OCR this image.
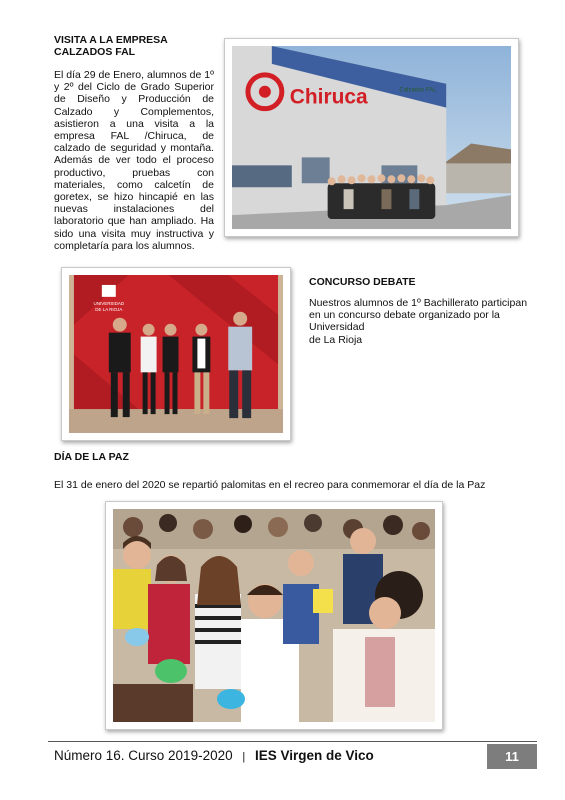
VISITA A LA EMPRESA
CALZADOS FAL

El día 29 de Enero, alumnos de 1º y 2º del Ciclo de Grado Superior de Diseño y Producción de Calzado y Complementos, asistieron a una visita a la empresa FAL /Chiruca, de calzado de seguridad y montaña. Además de ver todo el proceso productivo, pruebas con materiales, como calcetín de goretex, se hizo hincapié en las nuevas instalaciones del laboratorio que han ampliado. Ha sido una visita muy instructiva y completaría para los alumnos.

Chiruca	Calzados FAL
UNIVERSIDAD
DE LA RIOJA
CONCURSO DEBATE
Nuestros alumnos de 1º Bachillerato participan
en un concurso debate organizado por la
Universidad
de La Rioja
DÍA DE LA PAZ

El 31 de enero del 2020 se repartió palomitas en el recreo para conmemorar el día de la Paz

Número 16. Curso 2019-2020 | IES Virgen de Vico	11
